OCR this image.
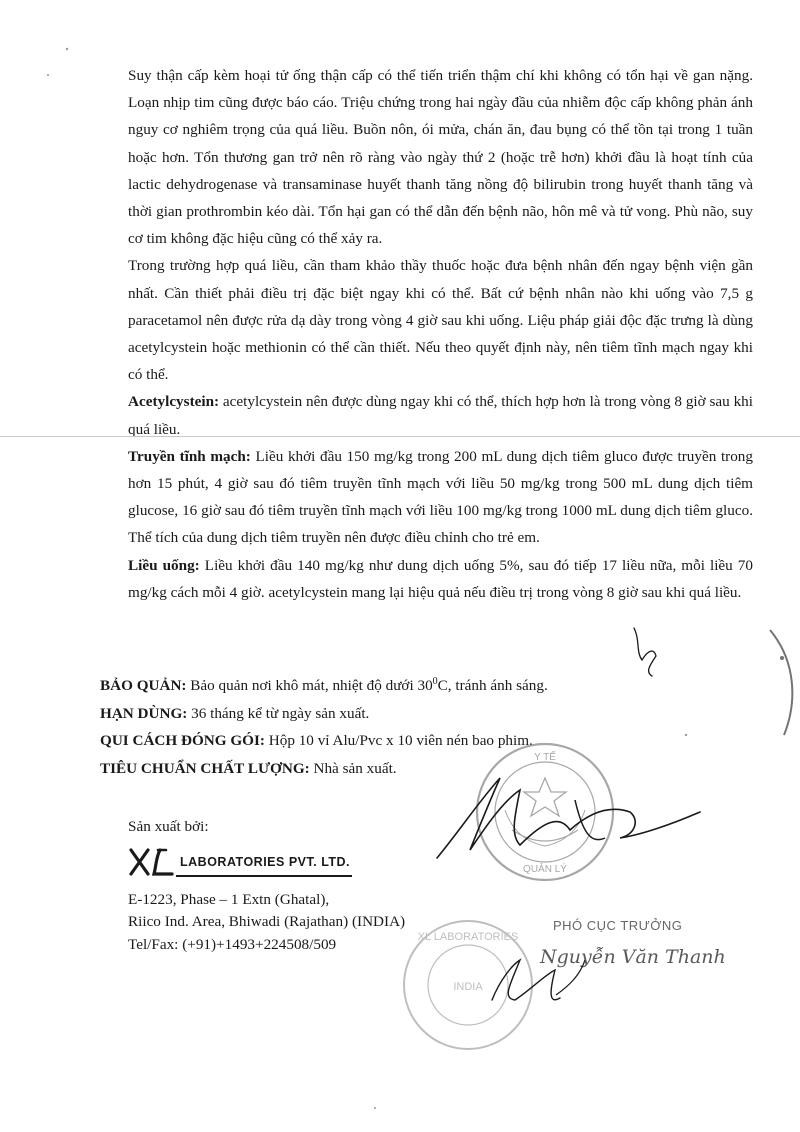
Suy thận cấp kèm hoại tử ống thận cấp có thể tiến triển thậm chí khi không có tổn hại về gan nặng. Loạn nhịp tim cũng được báo cáo. Triệu chứng trong hai ngày đầu của nhiễm độc cấp không phản ánh nguy cơ nghiêm trọng của quá liều. Buồn nôn, ói mửa, chán ăn, đau bụng có thể tồn tại trong 1 tuần hoặc hơn. Tổn thương gan trở nên rõ ràng vào ngày thứ 2 (hoặc trễ hơn) khởi đầu là hoạt tính của lactic dehydrogenase và transaminase huyết thanh tăng nồng độ bilirubin trong huyết thanh tăng và thời gian prothrombin kéo dài. Tổn hại gan có thể dẫn đến bệnh não, hôn mê và tử vong. Phù não, suy cơ tim không đặc hiệu cũng có thể xảy ra.

Trong trường hợp quá liều, cần tham khảo thầy thuốc hoặc đưa bệnh nhân đến ngay bệnh viện gần nhất. Cần thiết phải điều trị đặc biệt ngay khi có thể. Bất cứ bệnh nhân nào khi uống vào 7,5 g paracetamol nên được rửa dạ dày trong vòng 4 giờ sau khi uống. Liệu pháp giải độc đặc trưng là dùng acetylcystein hoặc methionin có thể cần thiết. Nếu theo quyết định này, nên tiêm tĩnh mạch ngay khi có thể.

Acetylcystein: acetylcystein nên được dùng ngay khi có thể, thích hợp hơn là trong vòng 8 giờ sau khi quá liều.

Truyền tĩnh mạch: Liều khởi đầu 150 mg/kg trong 200 mL dung dịch tiêm gluco được truyền trong hơn 15 phút, 4 giờ sau đó tiêm truyền tĩnh mạch với liều 50 mg/kg trong 500 mL dung dịch tiêm glucose, 16 giờ sau đó tiêm truyền tĩnh mạch với liều 100 mg/kg trong 1000 mL dung dịch tiêm gluco. Thể tích của dung dịch tiêm truyền nên được điều chỉnh cho trẻ em.

Liều uống: Liều khởi đầu 140 mg/kg như dung dịch uống 5%, sau đó tiếp 17 liều nữa, mỗi liều 70 mg/kg cách mỗi 4 giờ. acetylcystein mang lại hiệu quả nếu điều trị trong vòng 8 giờ sau khi quá liều.

BẢO QUẢN: Bảo quản nơi khô mát, nhiệt độ dưới $30^0C$, tránh ánh sáng.

HẠN DÙNG: 36 tháng kể từ ngày sản xuất.

QUI CÁCH ĐÓNG GÓI: Hộp 10 vỉ Alu/Pvc x 10 viên nén bao phim.

TIÊU CHUẨN CHẤT LƯỢNG: Nhà sản xuất.

Sản xuất bởi:

LABORATORIES PVT. LTD.

E-1223, Phase – 1 Extn (Ghatal),

Riico Ind. Area, Bhiwadi (Rajathan) (INDIA)

Tel/Fax: (+91)+1493+224508/509

PHÓ CỤC TRƯỞNG
Nguyễn Văn Thanh
Y TẾ
QUẢN LÝ
XL LABORATORIES
INDIA
